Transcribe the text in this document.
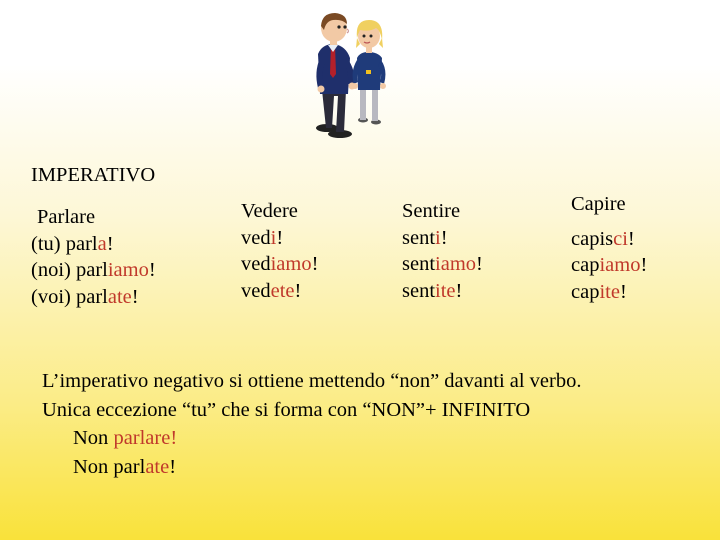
IMPERATIVO
Parlare
(tu) parla!
(noi) parliamo!
(voi) parlate!
Vedere
vedi!
vediamo!
vedete!
Sentire
senti!
sentiamo!
sentite!
Capire
capisci!
capiamo!
capite!
L’imperativo negativo si ottiene mettendo “non” davanti al verbo.
Unica eccezione “tu” che si forma con “NON”+ INFINITO
Non parlare!
Non parlate!
